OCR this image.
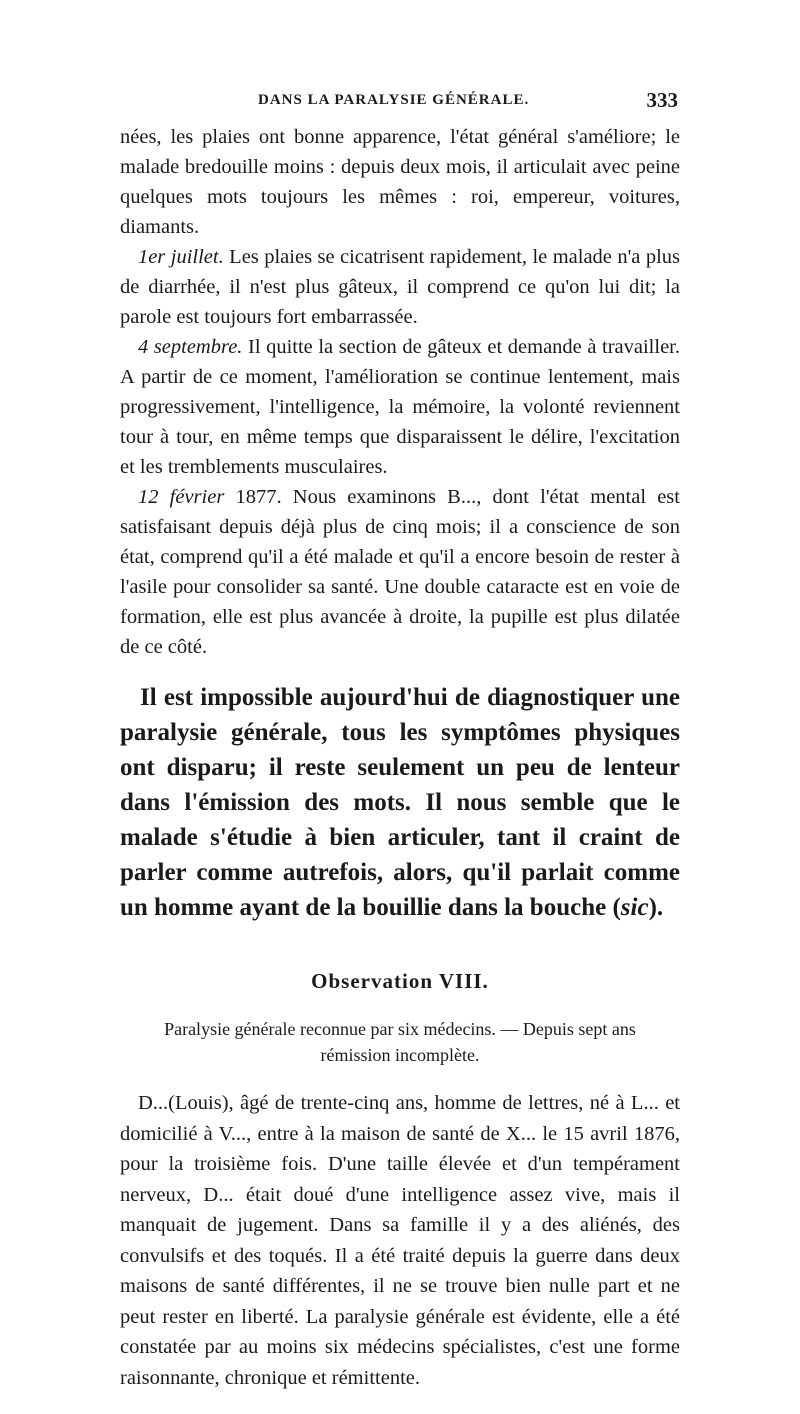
DANS LA PARALYSIE GÉNÉRALE.	333

nées, les plaies ont bonne apparence, l'état général s'améliore; le malade bredouille moins : depuis deux mois, il articulait avec peine quelques mots toujours les mêmes : roi, empereur, voitures, diamants.

1er juillet. Les plaies se cicatrisent rapidement, le malade n'a plus de diarrhée, il n'est plus gâteux, il comprend ce qu'on lui dit; la parole est toujours fort embarrassée.

4 septembre. Il quitte la section de gâteux et demande à travailler. A partir de ce moment, l'amélioration se continue lentement, mais progressivement, l'intelligence, la mémoire, la volonté reviennent tour à tour, en même temps que disparaissent le délire, l'excitation et les tremblements musculaires.

12 février 1877. Nous examinons B..., dont l'état mental est satisfaisant depuis déjà plus de cinq mois; il a conscience de son état, comprend qu'il a été malade et qu'il a encore besoin de rester à l'asile pour consolider sa santé. Une double cataracte est en voie de formation, elle est plus avancée à droite, la pupille est plus dilatée de ce côté.

Il est impossible aujourd'hui de diagnostiquer une paralysie générale, tous les symptômes physiques ont disparu; il reste seulement un peu de lenteur dans l'émission des mots. Il nous semble que le malade s'étudie à bien articuler, tant il craint de parler comme autrefois, alors, qu'il parlait comme un homme ayant de la bouillie dans la bouche (sic).

Observation VIII.
Paralysie générale reconnue par six médecins. — Depuis sept ans rémission incomplète.

D...(Louis), âgé de trente-cinq ans, homme de lettres, né à L... et domicilié à V..., entre à la maison de santé de X... le 15 avril 1876, pour la troisième fois. D'une taille élevée et d'un tempérament nerveux, D... était doué d'une intelligence assez vive, mais il manquait de jugement. Dans sa famille il y a des aliénés, des convulsifs et des toqués. Il a été traité depuis la guerre dans deux maisons de santé différentes, il ne se trouve bien nulle part et ne peut rester en liberté. La paralysie générale est évidente, elle a été constatée par au moins six médecins spécialistes, c'est une forme raisonnante, chronique et rémittente.
